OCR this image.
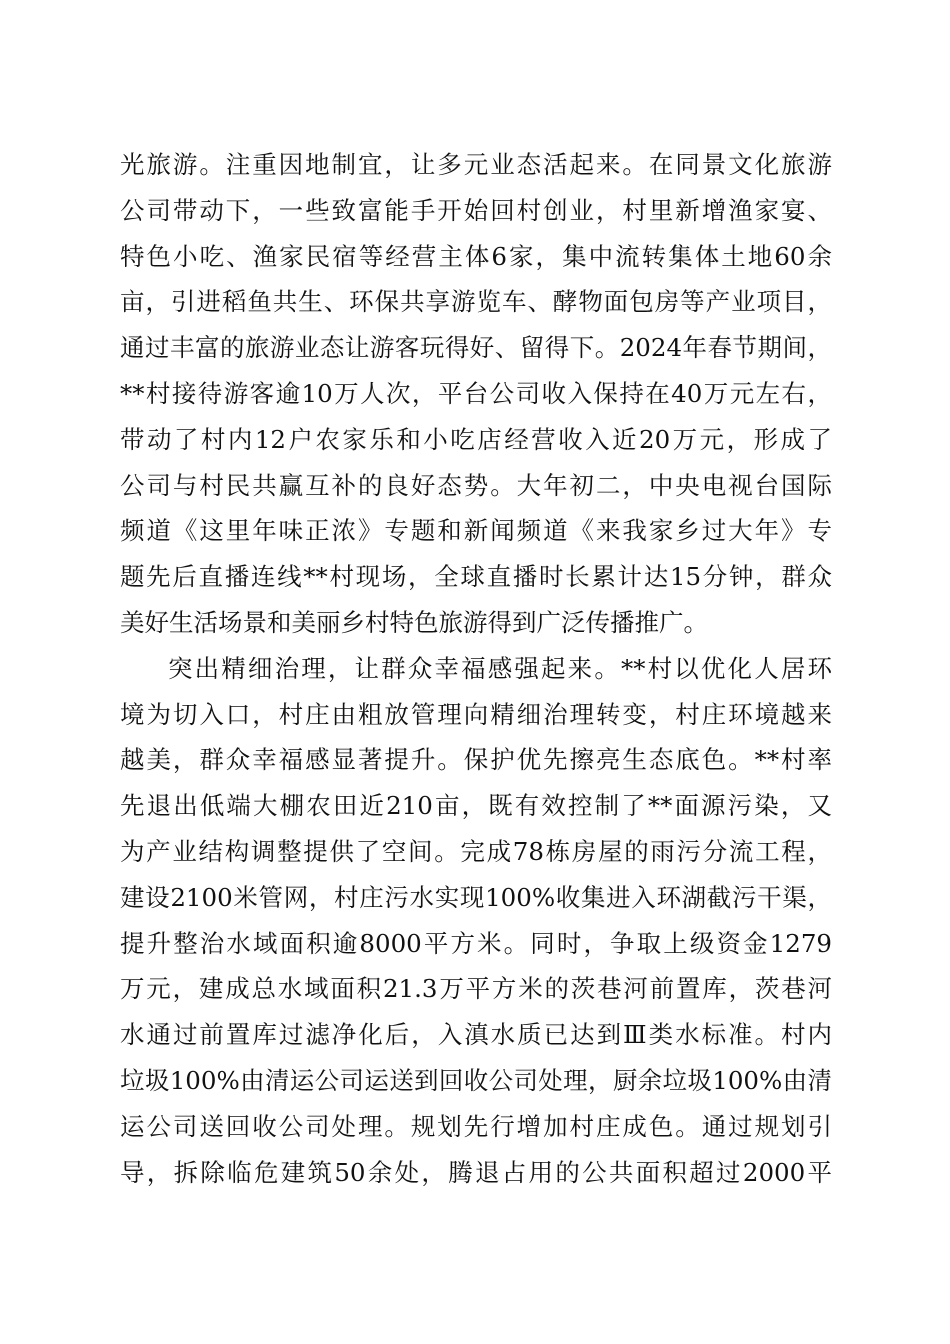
光旅游。注重因地制宜，让多元业态活起来。在同景文化旅游
公司带动下，一些致富能手开始回村创业，村里新增渔家宴、
特色小吃、渔家民宿等经营主体6家，集中流转集体土地60余
亩，引进稻鱼共生、环保共享游览车、酵物面包房等产业项目，
通过丰富的旅游业态让游客玩得好、留得下。2024年春节期间，
**村接待游客逾10万人次，平台公司收入保持在40万元左右，
带动了村内12户农家乐和小吃店经营收入近20万元，形成了
公司与村民共赢互补的良好态势。大年初二，中央电视台国际
频道《这里年味正浓》专题和新闻频道《来我家乡过大年》专
题先后直播连线**村现场，全球直播时长累计达15分钟，群众
美好生活场景和美丽乡村特色旅游得到广泛传播推广。
突出精细治理，让群众幸福感强起来。**村以优化人居环
境为切入口，村庄由粗放管理向精细治理转变，村庄环境越来
越美，群众幸福感显著提升。保护优先擦亮生态底色。**村率
先退出低端大棚农田近210亩，既有效控制了**面源污染，又
为产业结构调整提供了空间。完成78栋房屋的雨污分流工程，
建设2100米管网，村庄污水实现100%收集进入环湖截污干渠，
提升整治水域面积逾8000平方米。同时，争取上级资金1279
万元，建成总水域面积21.3万平方米的茨巷河前置库，茨巷河
水通过前置库过滤净化后，入滇水质已达到Ⅲ类水标准。村内
垃圾100%由清运公司运送到回收公司处理，厨余垃圾100%由清
运公司送回收公司处理。规划先行增加村庄成色。通过规划引
导，拆除临危建筑50余处，腾退占用的公共面积超过2000平
